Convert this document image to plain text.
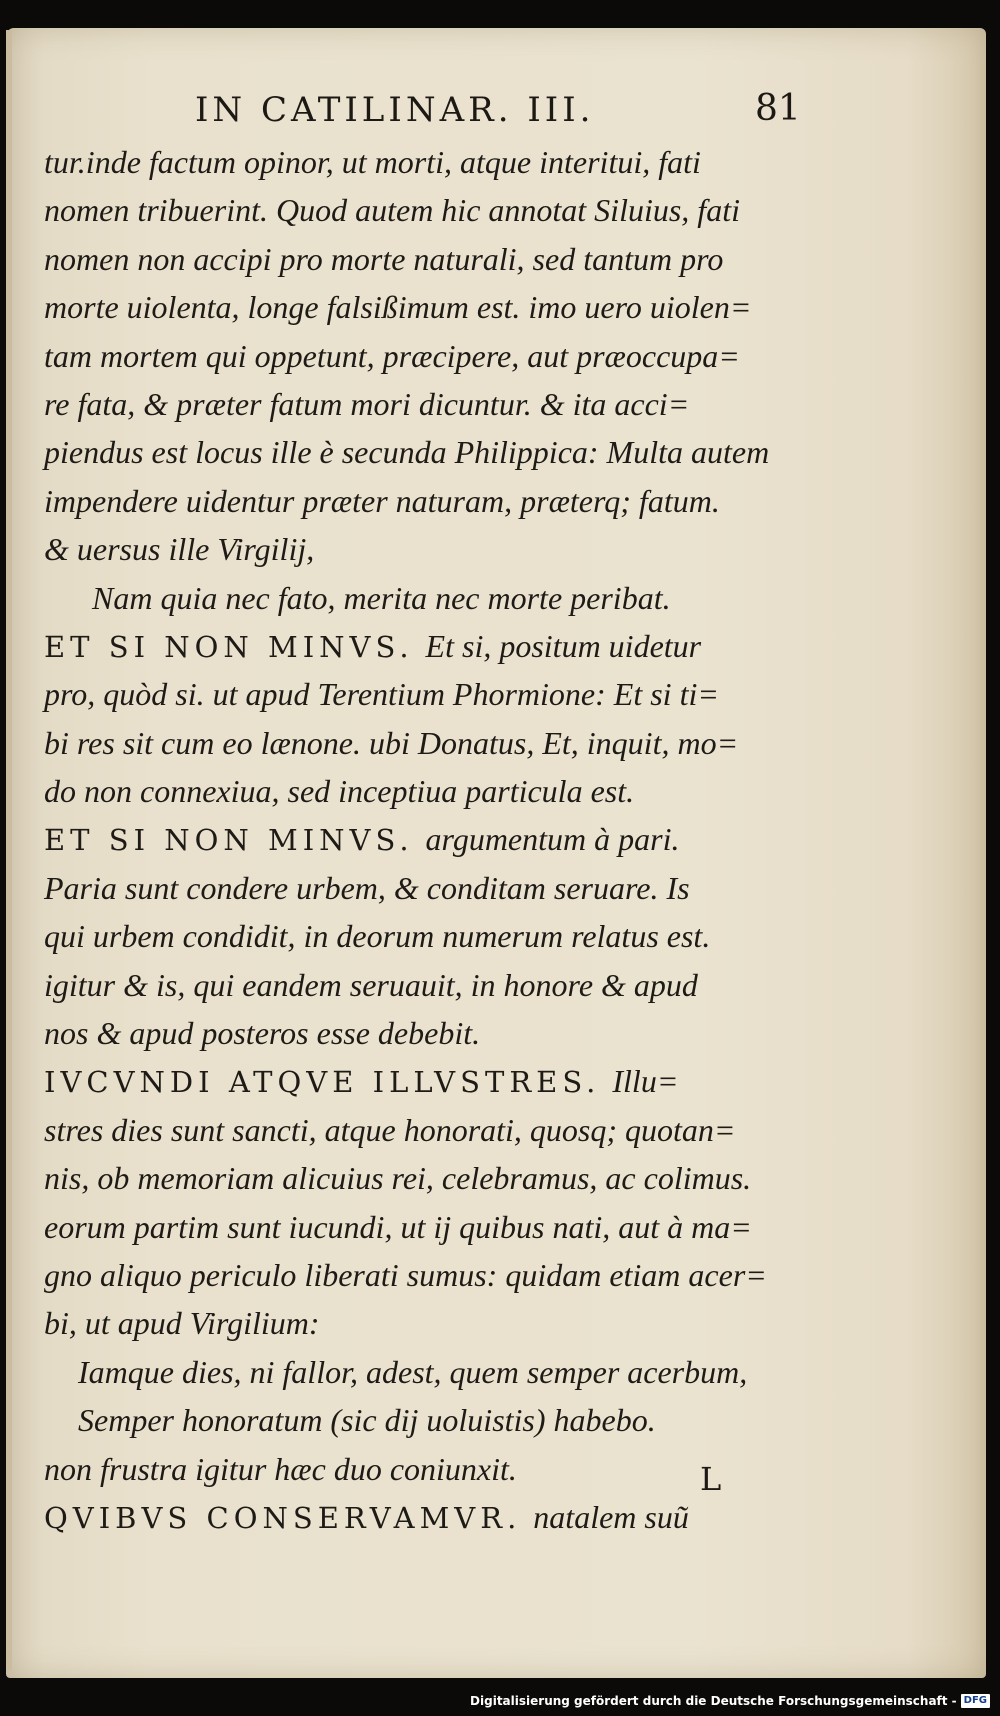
IN CATILINAR. III.	81
tur.inde factum opinor, ut morti, atque interitui, fati
nomen tribuerint. Quod autem hic annotat Siluius, fati
nomen non accipi pro morte naturali, sed tantum pro
morte uiolenta, longe falsißimum est. imo uero uiolen=
tam mortem qui oppetunt, præcipere, aut præoccupa=
re fata, & præter fatum mori dicuntur. & ita acci=
piendus est locus ille è secunda Philippica: Multa autem
impendere uidentur præter naturam, præterq; fatum.
& uersus ille Virgilij,
Nam quia nec fato, merita nec morte peribat.
ET SI NON MINVS. Et si, positum uidetur
pro, quòd si. ut apud Terentium Phormione: Et si ti=
bi res sit cum eo lænone. ubi Donatus, Et, inquit, mo=
do non connexiua, sed inceptiua particula est.
ET SI NON MINVS. argumentum à pari.
Paria sunt condere urbem, & conditam seruare. Is
qui urbem condidit, in deorum numerum relatus est.
igitur & is, qui eandem seruauit, in honore & apud
nos & apud posteros esse debebit.
IVCVNDI ATQVE ILLVSTRES. Illu=
stres dies sunt sancti, atque honorati, quosq; quotan=
nis, ob memoriam alicuius rei, celebramus, ac colimus.
eorum partim sunt iucundi, ut ij quibus nati, aut à ma=
gno aliquo periculo liberati sumus: quidam etiam acer=
bi, ut apud Virgilium:
Iamque dies, ni fallor, adest, quem semper acerbum,
Semper honoratum (sic dij uoluistis) habebo.
non frustra igitur hæc duo coniunxit.
QVIBVS CONSERVAMVR. natalem suũ
L
Digitalisierung gefördert durch die Deutsche Forschungsgemeinschaft - DFG
